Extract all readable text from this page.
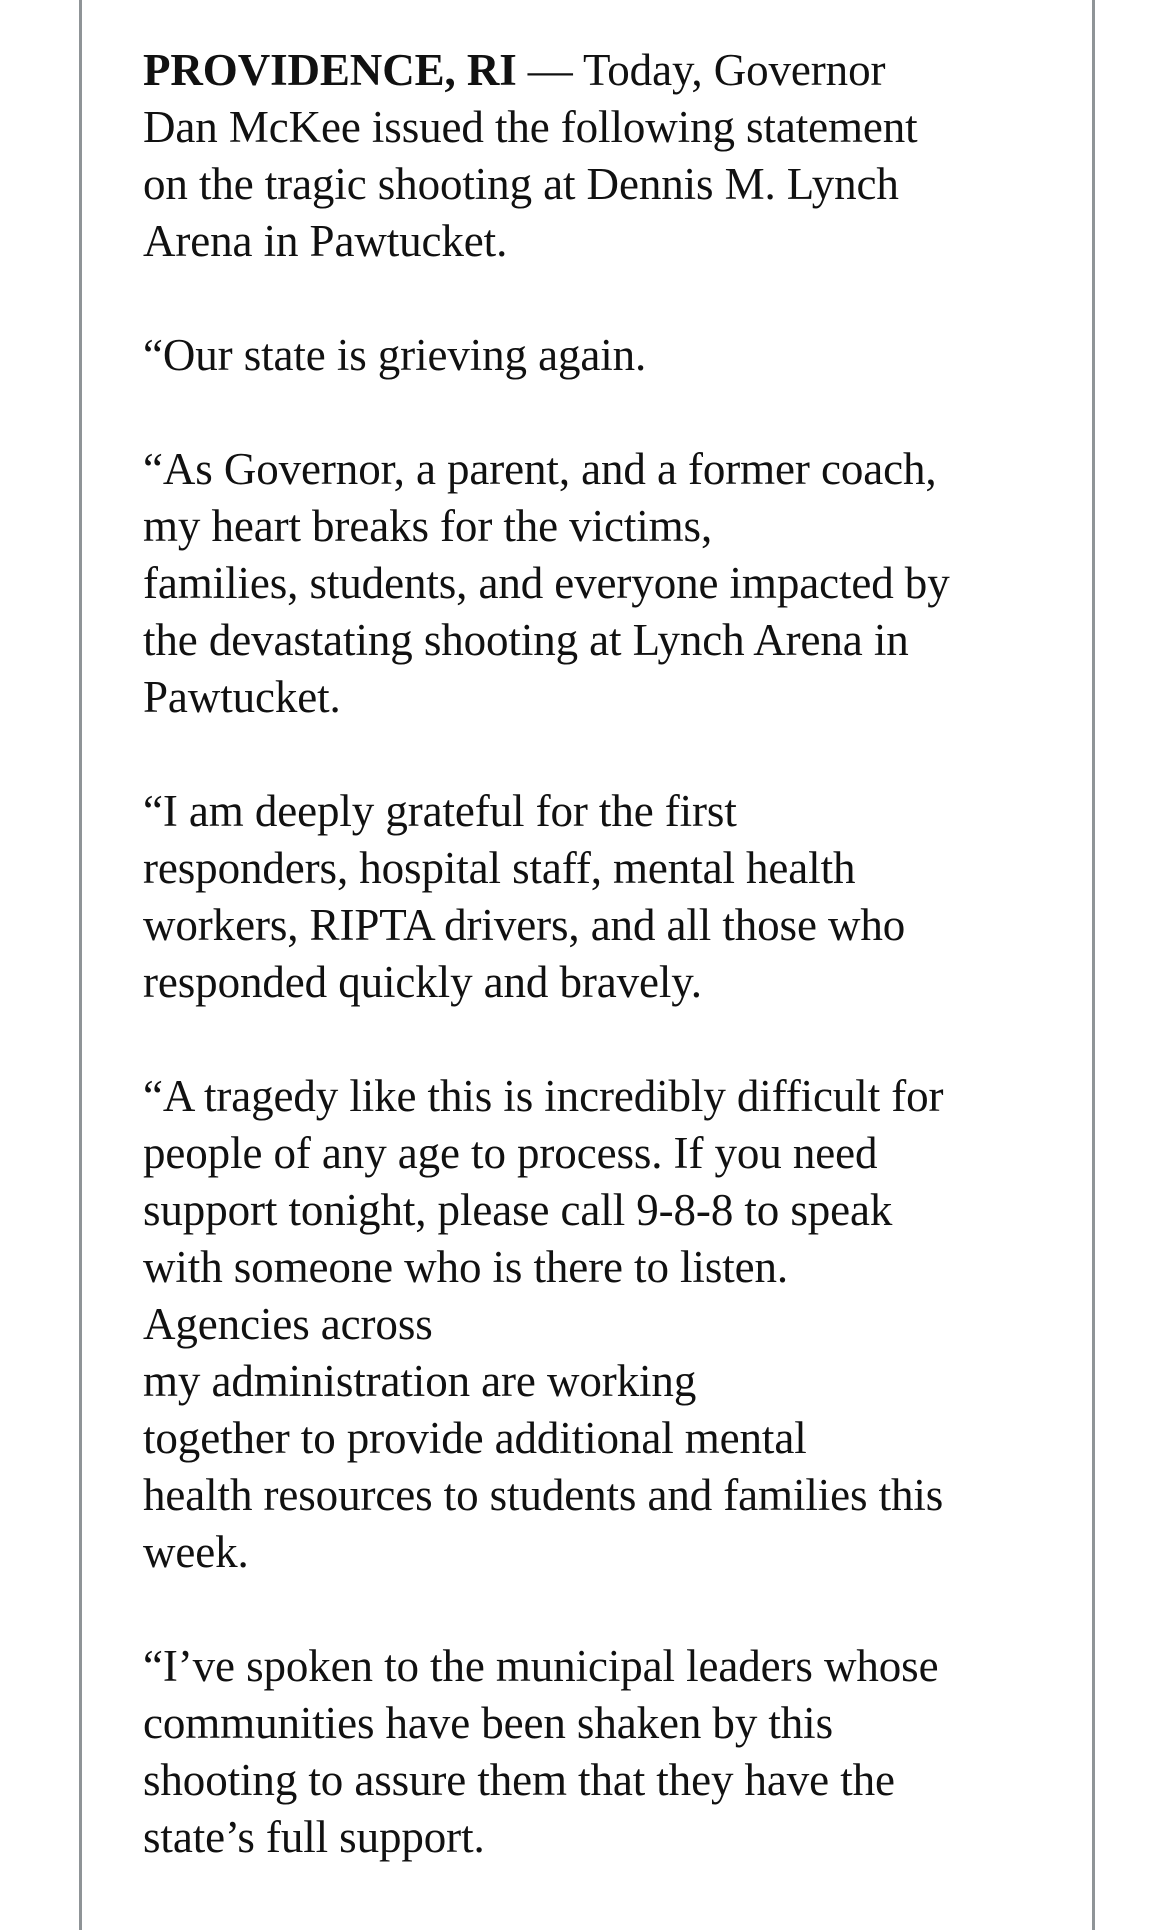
PROVIDENCE, RI — Today, Governor
Dan McKee issued the following statement
on the tragic shooting at Dennis M. Lynch
Arena in Pawtucket.

“Our state is grieving again.

“As Governor, a parent, and a former coach,
my heart breaks for the victims,
families, students, and everyone impacted by
the devastating shooting at Lynch Arena in
Pawtucket.

“I am deeply grateful for the first
responders, hospital staff, mental health
workers, RIPTA drivers, and all those who
responded quickly and bravely.

“A tragedy like this is incredibly difficult for
people of any age to process. If you need
support tonight, please call 9-8-8 to speak
with someone who is there to listen.
Agencies across
my administration are working
together to provide additional mental
health resources to students and families this
week.

“I’ve spoken to the municipal leaders whose
communities have been shaken by this
shooting to assure them that they have the
state’s full support.
